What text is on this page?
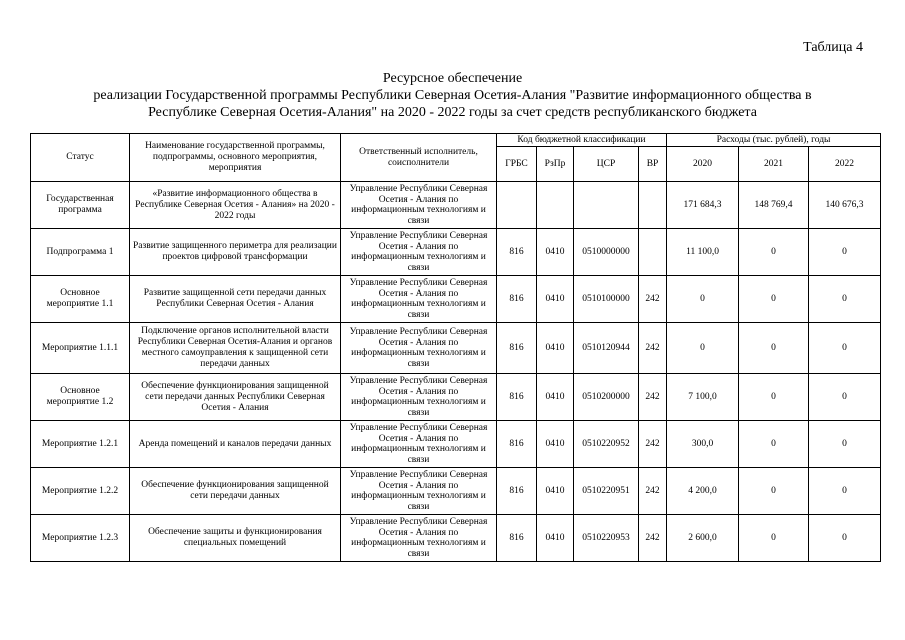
Таблица 4
Ресурсное обеспечение
реализации Государственной программы Республики Северная Осетия-Алания "Развитие информационного общества в
Республике Северная Осетия-Алания" на 2020 - 2022 годы за счет средств республиканского бюджета
Статус	Наименование государственной программы, подпрограммы, основного мероприятия, мероприятия	Ответственный исполнитель, соисполнители	Код бюджетной классификации				Расходы (тыс. рублей), годы		
			ГРБС	РзПр	ЦСР	ВР	2020	2021	2022
Государственная программа	«Развитие информационного общества в Республике Северная Осетия - Алания» на 2020 - 2022 годы	Управление Республики Северная Осетия - Алания по информационным технологиям и связи					171 684,3	148 769,4	140 676,3
Подпрограмма 1	Развитие защищенного периметра для реализации проектов цифровой трансформации	Управление Республики Северная Осетия - Алания по информационным технологиям и связи	816	0410	0510000000		11 100,0	0	0
Основное мероприятие 1.1	Развитие защищенной сети передачи данных Республики Северная Осетия - Алания	Управление Республики Северная Осетия - Алания по информационным технологиям и связи	816	0410	0510100000	242	0	0	0
Мероприятие 1.1.1	Подключение органов исполнительной власти Республики Северная Осетия-Алания и органов местного самоуправления к защищенной сети передачи данных	Управление Республики Северная Осетия - Алания по информационным технологиям и связи	816	0410	0510120944	242	0	0	0
Основное мероприятие 1.2	Обеспечение функционирования защищенной сети передачи данных Республики Северная Осетия - Алания	Управление Республики Северная Осетия - Алания по информационным технологиям и связи	816	0410	0510200000	242	7 100,0	0	0
Мероприятие 1.2.1	Аренда помещений и каналов передачи данных	Управление Республики Северная Осетия - Алания по информационным технологиям и связи	816	0410	0510220952	242	300,0	0	0
Мероприятие 1.2.2	Обеспечение функционирования защищенной сети передачи данных	Управление Республики Северная Осетия - Алания по информационным технологиям и связи	816	0410	0510220951	242	4 200,0	0	0
Мероприятие 1.2.3	Обеспечение защиты и функционирования специальных помещений	Управление Республики Северная Осетия - Алания по информационным технологиям и связи	816	0410	0510220953	242	2 600,0	0	0
